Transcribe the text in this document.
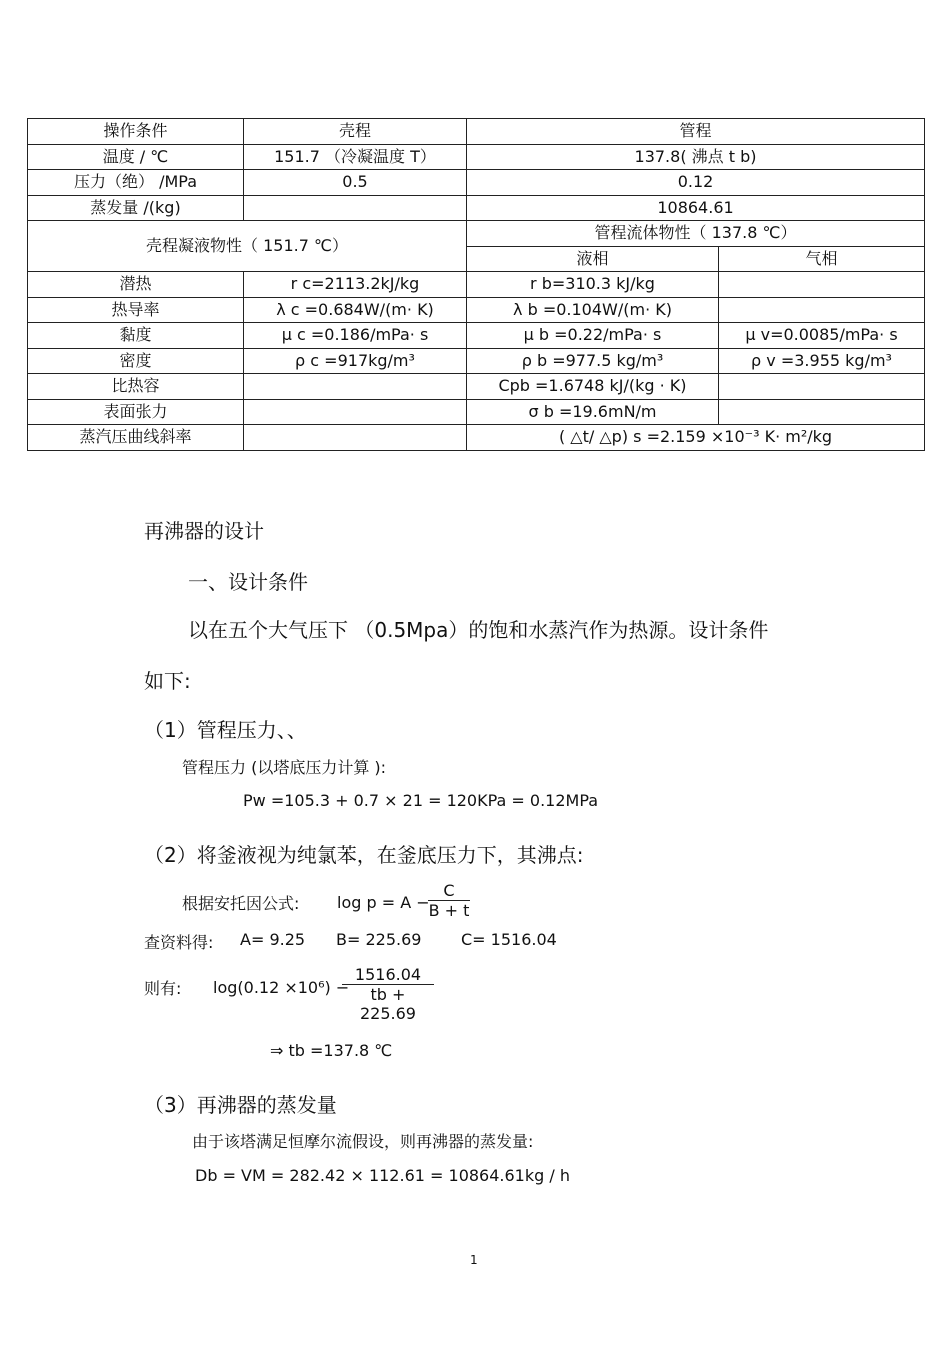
操作条件	壳程	管程	
温度 / ℃	151.7 （冷凝温度 T）	137.8( 沸点 t b)	
压力（绝） /MPa	0.5	0.12	
蒸发量 /(kg)		10864.61	
壳程凝液物性（ 151.7 ℃）		管程流体物性（ 137.8 ℃）	
		液相	气相
潜热	r c=2113.2kJ/kg	r b=310.3 kJ/kg	
热导率	λ c =0.684W/(m· K)	λ b =0.104W/(m· K)	
黏度	μ c =0.186/mPa· s	μ b =0.22/mPa· s	μ v=0.0085/mPa· s
密度	ρ c =917kg/m³	ρ b =977.5 kg/m³	ρ v =3.955 kg/m³
比热容		Cpb =1.6748 kJ/(kg · K)	
表面张力		σ b =19.6mN/m	
蒸汽压曲线斜率		( △t/ △p) s =2.159 ×10⁻³ K· m²/kg	
再沸器的设计
一、设计条件
以在五个大气压下 （0.5Mpa）的饱和水蒸汽作为热源。设计条件
如下:
（1）管程压力、、
管程压力 (以塔底压力计算 ):
Pw =105.3 + 0.7 × 21 = 120KPa = 0.12MPa
（2）将釜液视为纯氯苯，在釜底压力下，其沸点:
根据安托因公式: log p = A −
$\frac{C}{B + t}$
查资料得: A= 9.25 B= 225.69 C= 1516.04
则有: log(0.12 ×10⁶) −
$\frac{1516.04}{tb + 225.69}$
⇒ tb =137.8 ℃
（3）再沸器的蒸发量
由于该塔满足恒摩尔流假设，则再沸器的蒸发量:
Db = VM = 282.42 × 112.61 = 10864.61kg / h
1
